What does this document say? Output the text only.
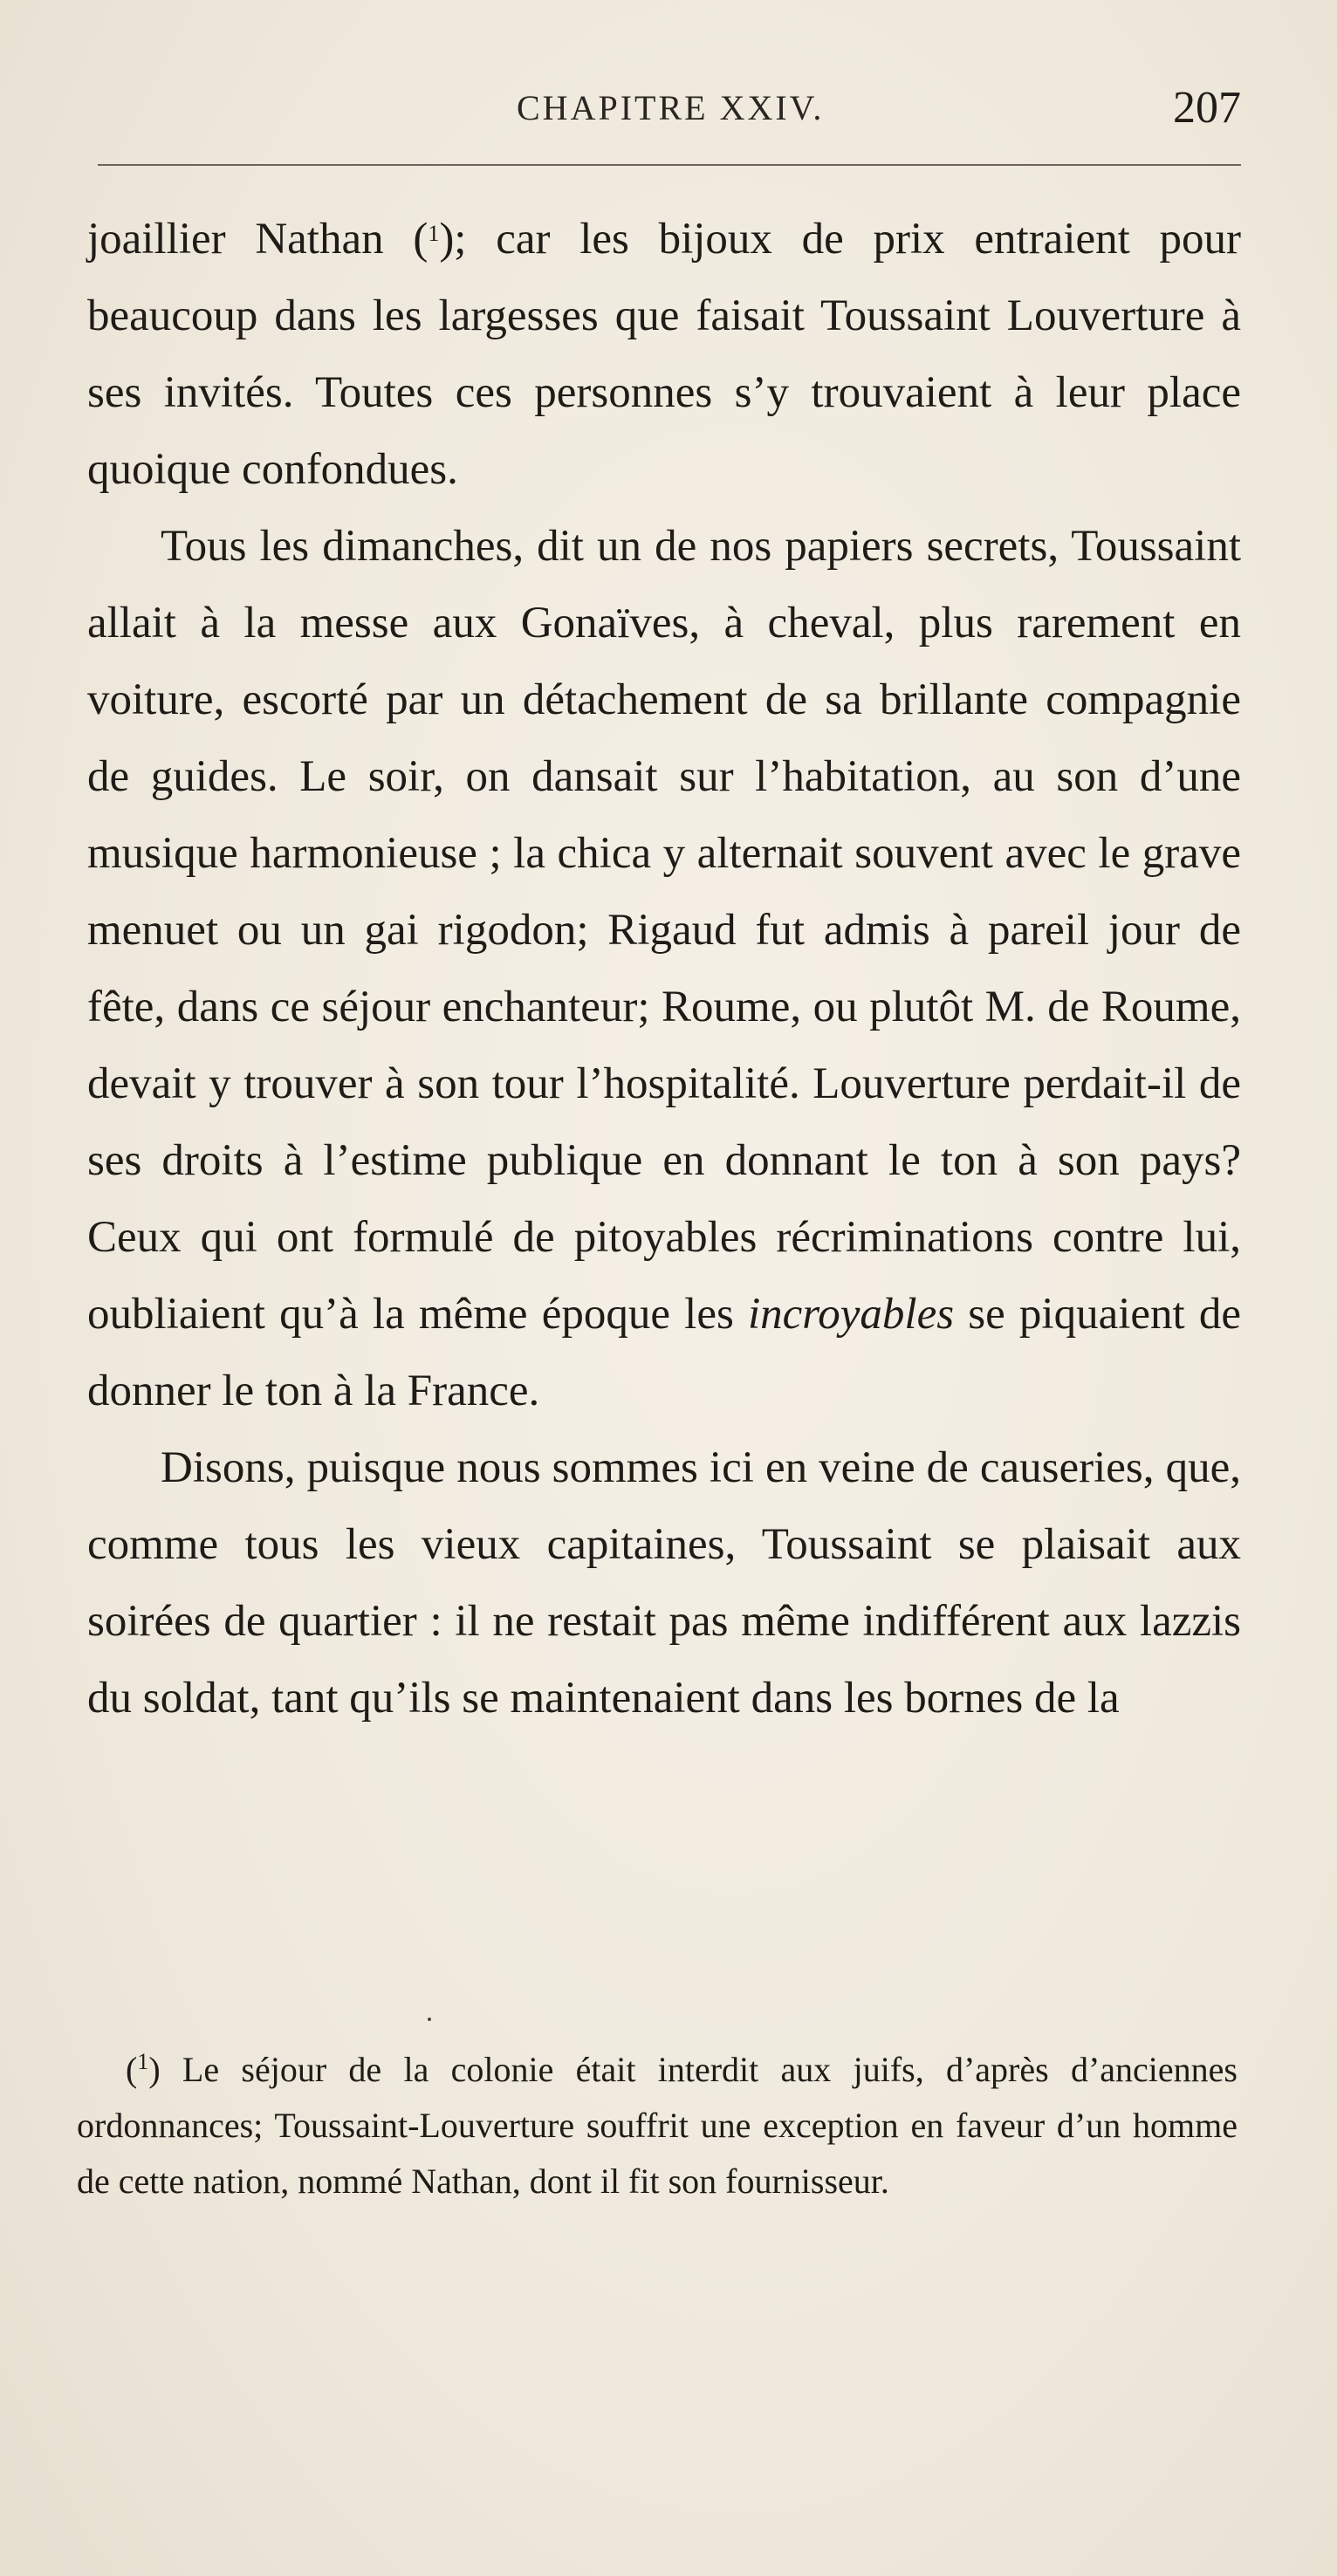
CHAPITRE XXIV.	207

joaillier Nathan ($^1$); car les bijoux de prix entraient pour beaucoup dans les largesses que faisait Toussaint Louverture à ses invités. Toutes ces personnes s’y trouvaient à leur place quoique confondues.

Tous les dimanches, dit un de nos papiers secrets, Toussaint allait à la messe aux Gonaïves, à cheval, plus rarement en voiture, escorté par un détachement de sa brillante compagnie de guides. Le soir, on dansait sur l’habitation, au son d’une musique harmonieuse ; la chica y alternait souvent avec le grave menuet ou un gai rigodon; Rigaud fut admis à pareil jour de fête, dans ce séjour enchanteur; Roume, ou plutôt M. de Roume, devait y trouver à son tour l’hospitalité. Louverture perdait-il de ses droits à l’estime publique en donnant le ton à son pays? Ceux qui ont formulé de pitoyables récriminations contre lui, oubliaient qu’à la même époque les incroyables se piquaient de donner le ton à la France.

Disons, puisque nous sommes ici en veine de causeries, que, comme tous les vieux capitaines, Toussaint se plaisait aux soirées de quartier : il ne restait pas même indifférent aux lazzis du soldat, tant qu’ils se maintenaient dans les bornes de la

($^1$) Le séjour de la colonie était interdit aux juifs, d’après d’anciennes ordonnances; Toussaint-Louverture souffrit une exception en faveur d’un homme de cette nation, nommé Nathan, dont il fit son fournisseur.
